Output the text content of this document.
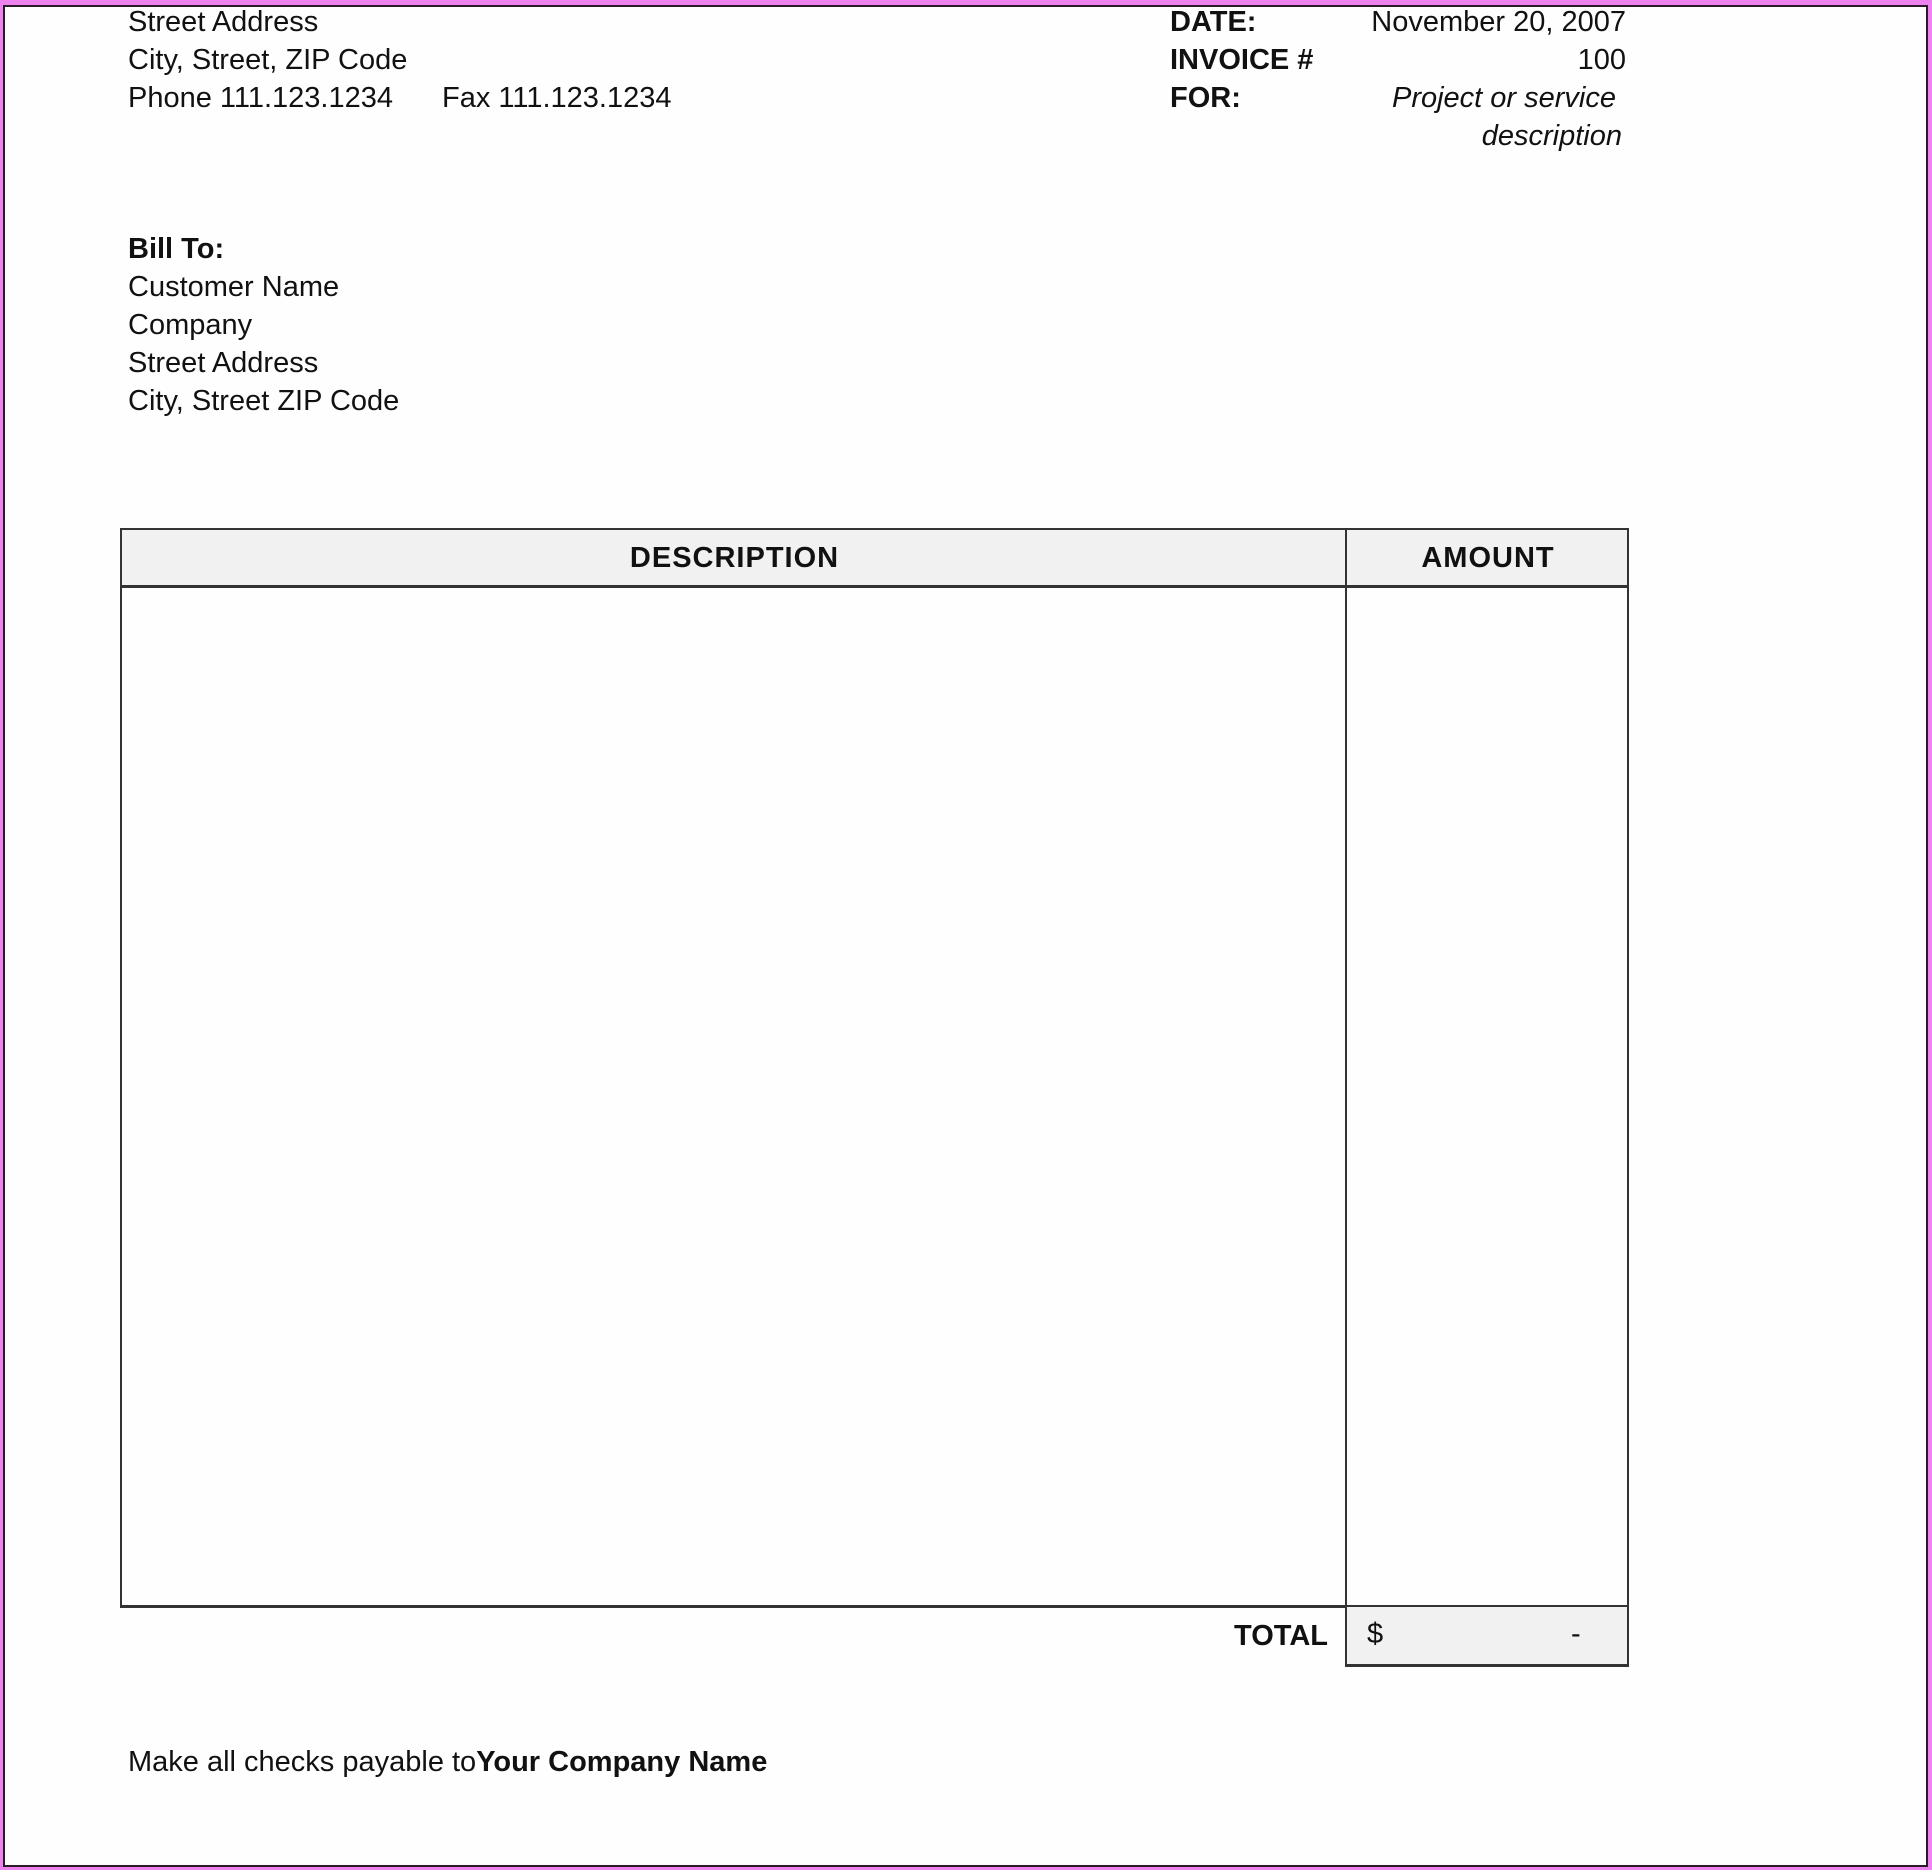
Street Address
City, Street, ZIP Code
Phone 111.123.1234 Fax 111.123.1234
DATE:	November 20, 2007
INVOICE #	100
FOR:	Project or service
description
Bill To:
Customer Name
Company
Street Address
City, Street ZIP Code
DESCRIPTION	AMOUNT
TOTAL $	-
Make all checks payable toYour Company Name
